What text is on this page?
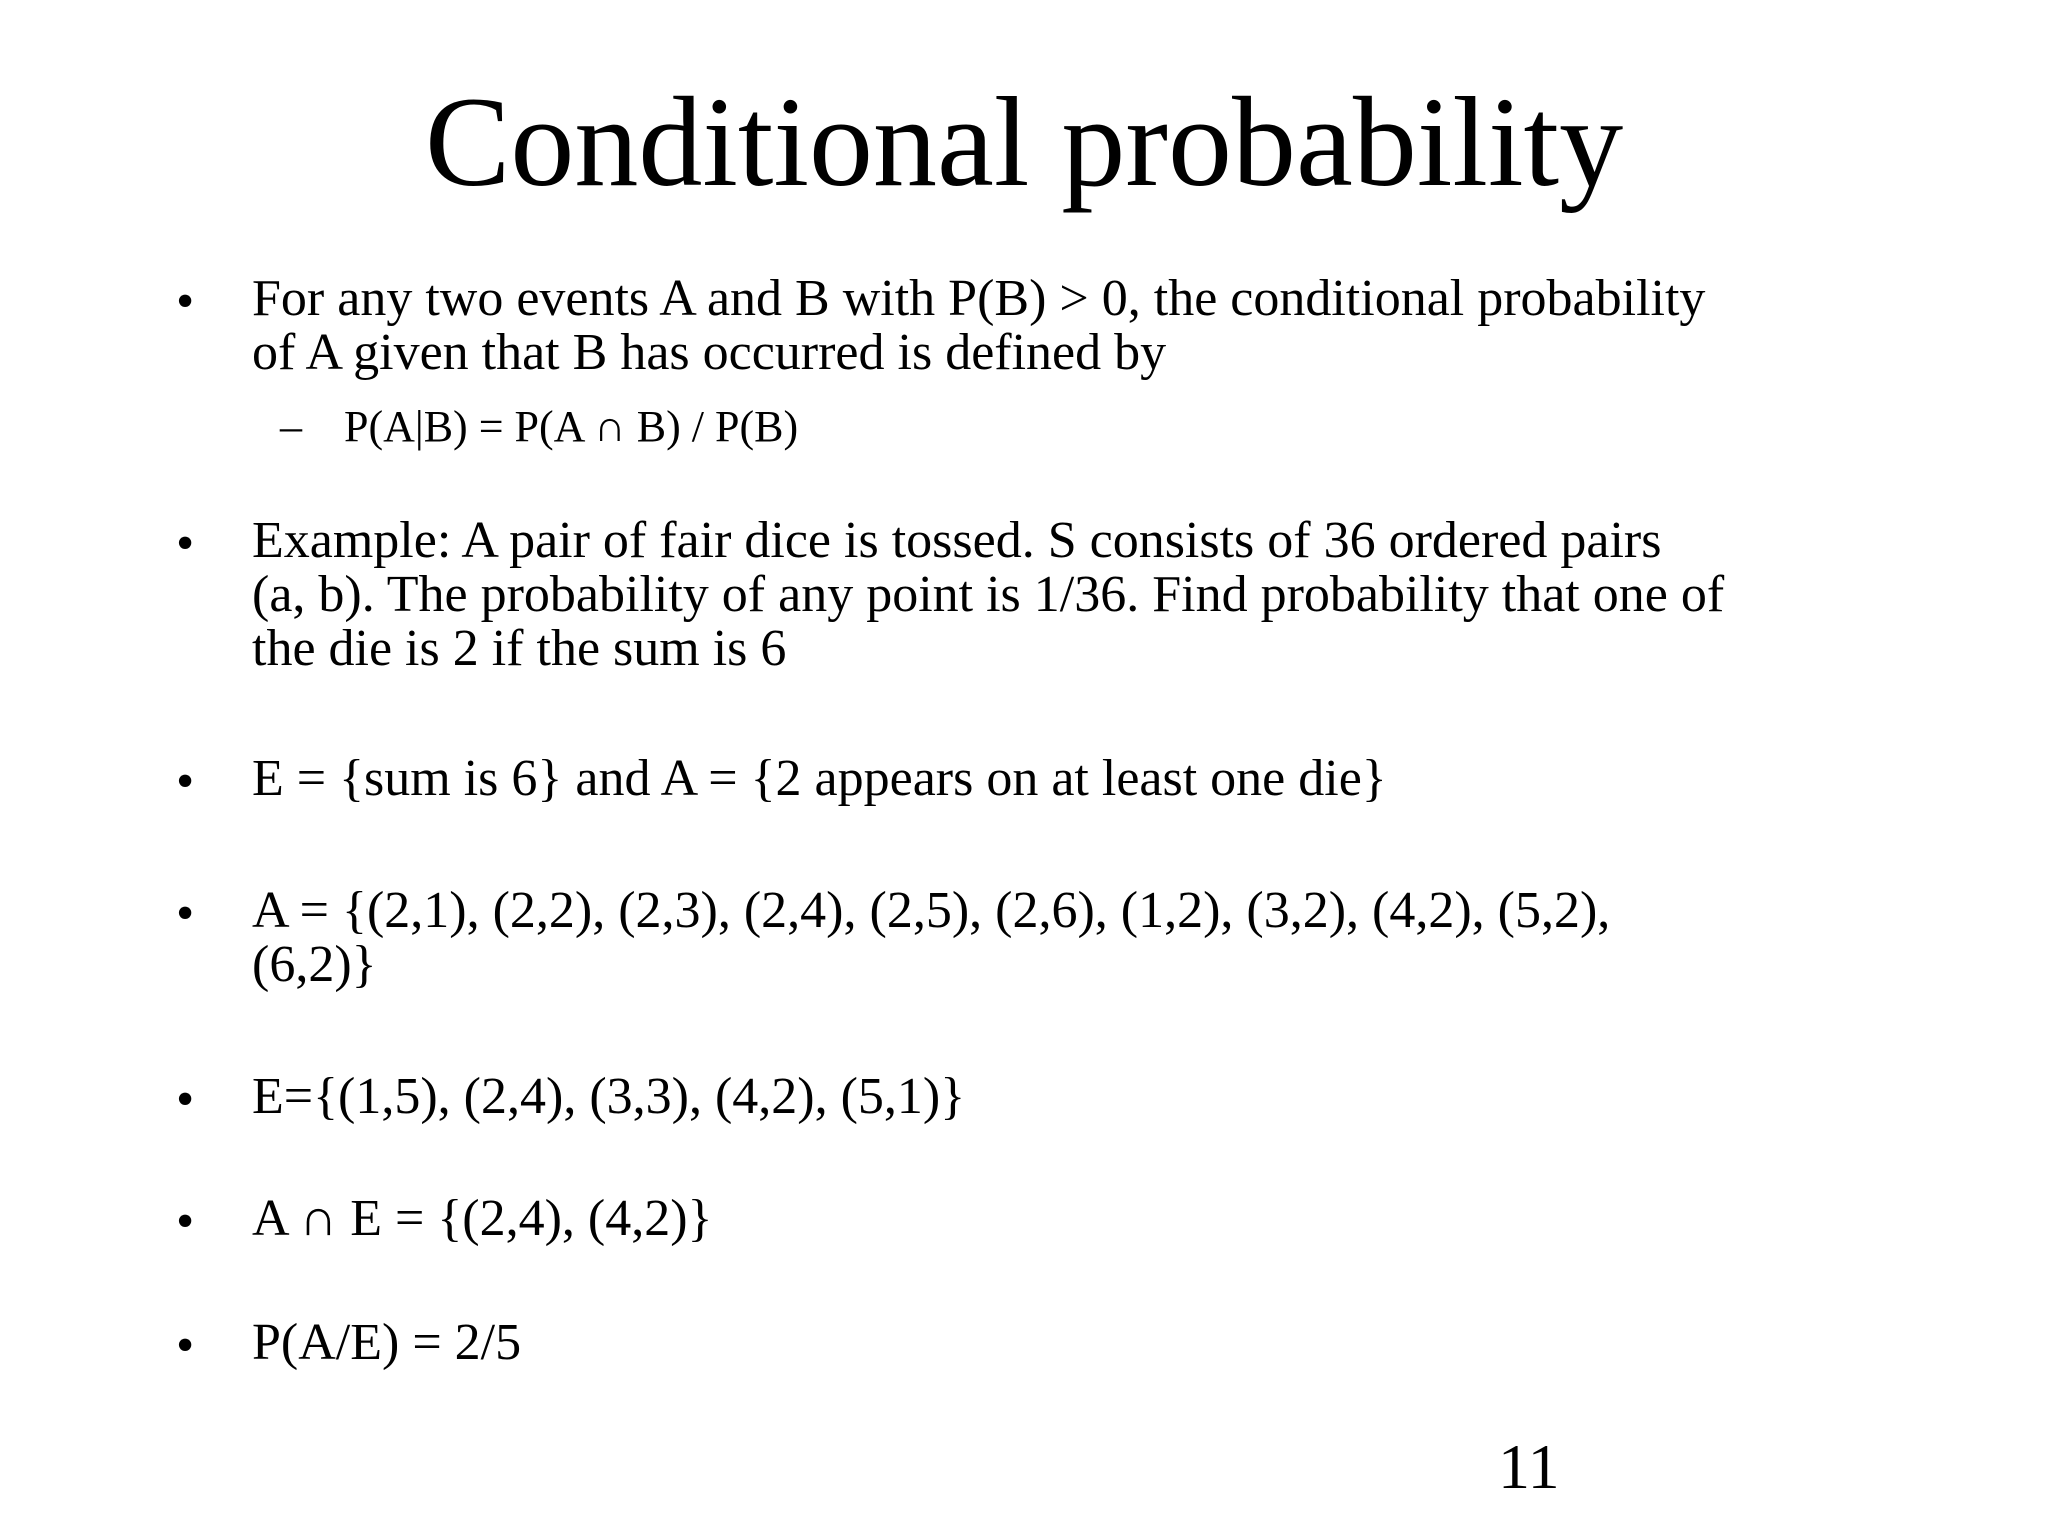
Conditional probability
• For any two events A and B with P(B) > 0, the conditional probability
of A given that B has occurred is defined by
– P(A|B) = P(A ∩ B) / P(B)
• Example: A pair of fair dice is tossed. S consists of 36 ordered pairs
(a, b). The probability of any point is 1/36. Find probability that one of
the die is 2 if the sum is 6
• E = {sum is 6} and A = {2 appears on at least one die}
• A = {(2,1), (2,2), (2,3), (2,4), (2,5), (2,6), (1,2), (3,2), (4,2), (5,2),
(6,2)}
• E={(1,5), (2,4), (3,3), (4,2), (5,1)}
• A ∩ E = {(2,4), (4,2)}
• P(A/E) = 2/5
11
